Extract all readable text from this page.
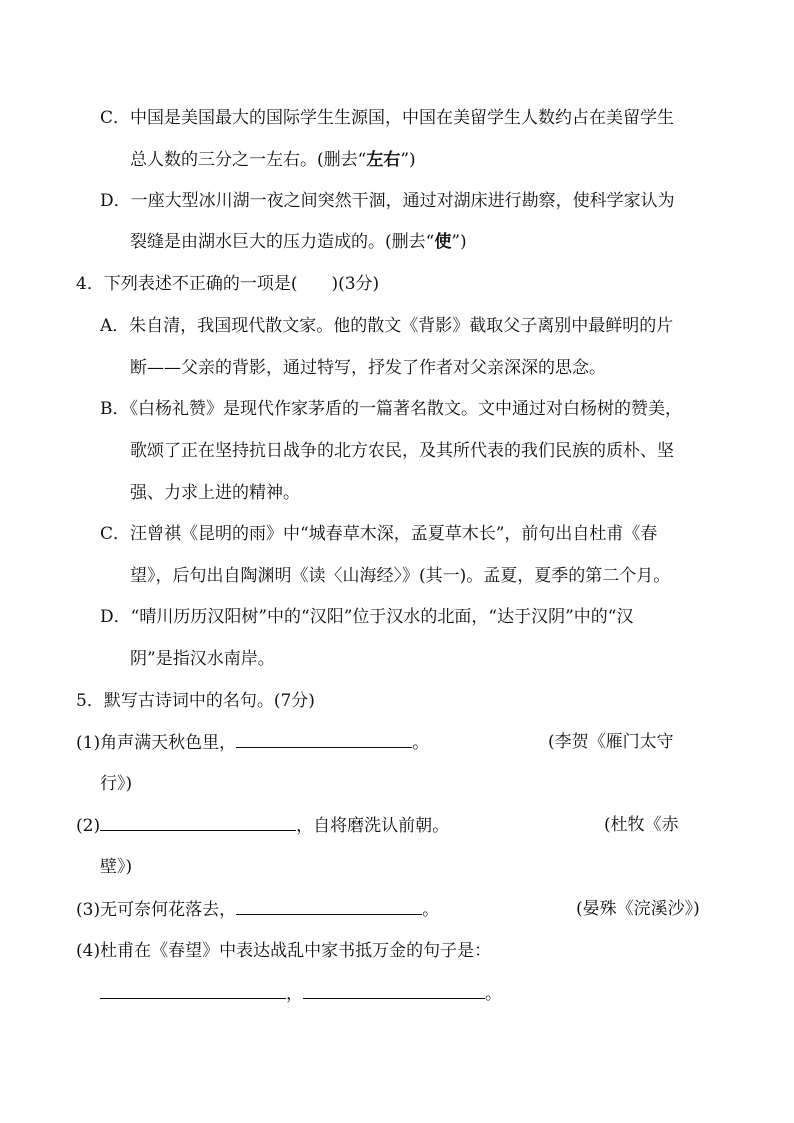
C．中国是美国最大的国际学生生源国，中国在美留学生人数约占在美留学生
总人数的三分之一左右。(删去“左右”)
D．一座大型冰川湖一夜之间突然干涸，通过对湖床进行勘察，使科学家认为
裂缝是由湖水巨大的压力造成的。(删去“使”)
4．下列表述不正确的一项是(　　)(3分)
A．朱自清，我国现代散文家。他的散文《背影》截取父子离别中最鲜明的片
断——父亲的背影，通过特写，抒发了作者对父亲深深的思念。
B．《白杨礼赞》是现代作家茅盾的一篇著名散文。文中通过对白杨树的赞美，
歌颂了正在坚持抗日战争的北方农民，及其所代表的我们民族的质朴、坚
强、力求上进的精神。
C．汪曾祺《昆明的雨》中“城春草木深，孟夏草木长”，前句出自杜甫《春
望》，后句出自陶渊明《读〈山海经〉》(其一)。孟夏，夏季的第二个月。
D．“晴川历历汉阳树”中的“汉阳”位于汉水的北面，“达于汉阴”中的“汉
阴”是指汉水南岸。
5．默写古诗词中的名句。(7分)
(1)角声满天秋色里，	。	(李贺《雁门太守
行》)
(2)	，自将磨洗认前朝。	(杜牧《赤
壁》)
(3)无可奈何花落去，	。	(晏殊《浣溪沙》)
(4)杜甫在《春望》中表达战乱中家书抵万金的句子是：
，	。
